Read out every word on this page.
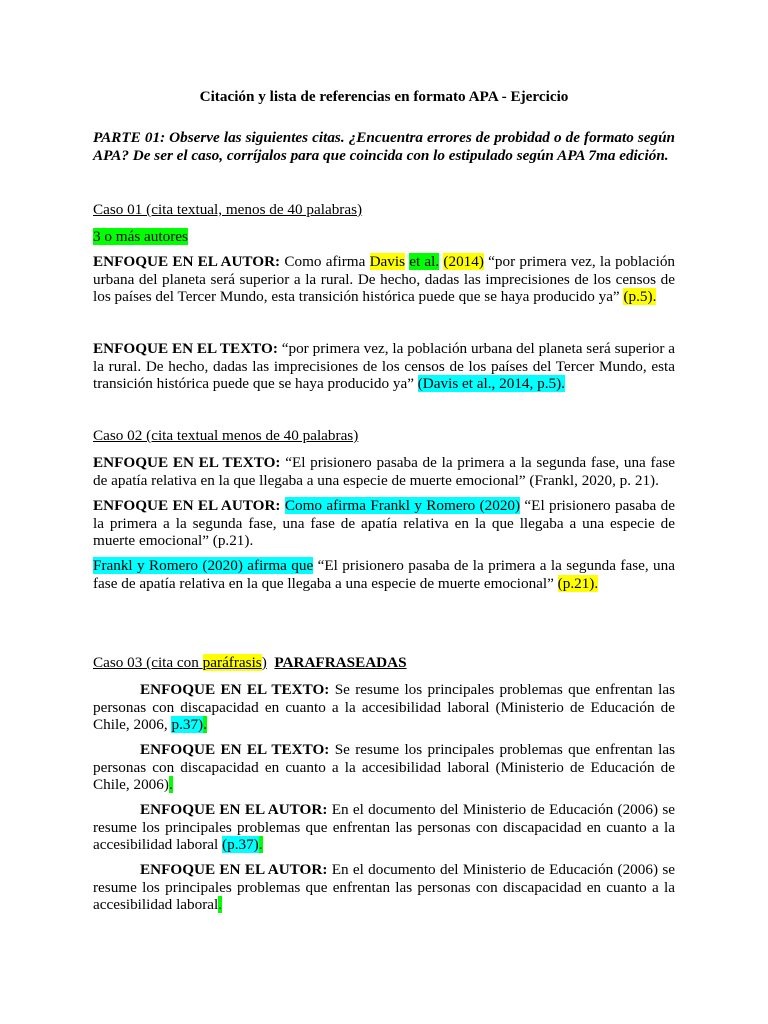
Citación y lista de referencias en formato APA - Ejercicio

PARTE 01: Observe las siguientes citas. ¿Encuentra errores de probidad o de formato según APA? De ser el caso, corríjalos para que coincida con lo estipulado según APA 7ma edición.

Caso 01 (cita textual, menos de 40 palabras)

3 o más autores

ENFOQUE EN EL AUTOR: Como afirma Davis et al. (2014) “por primera vez, la población urbana del planeta será superior a la rural. De hecho, dadas las imprecisiones de los censos de los países del Tercer Mundo, esta transición histórica puede que se haya producido ya” (p.5).

ENFOQUE EN EL TEXTO: “por primera vez, la población urbana del planeta será superior a la rural. De hecho, dadas las imprecisiones de los censos de los países del Tercer Mundo, esta transición histórica puede que se haya producido ya” (Davis et al., 2014, p.5).

Caso 02 (cita textual menos de 40 palabras)

ENFOQUE EN EL TEXTO: “El prisionero pasaba de la primera a la segunda fase, una fase de apatía relativa en la que llegaba a una especie de muerte emocional” (Frankl, 2020, p. 21).

ENFOQUE EN EL AUTOR: Como afirma Frankl y Romero (2020) “El prisionero pasaba de la primera a la segunda fase, una fase de apatía relativa en la que llegaba a una especie de muerte emocional” (p.21).

Frankl y Romero (2020) afirma que “El prisionero pasaba de la primera a la segunda fase, una fase de apatía relativa en la que llegaba a una especie de muerte emocional” (p.21).

Caso 03 (cita con paráfrasis) PARAFRASEADAS

ENFOQUE EN EL TEXTO: Se resume los principales problemas que enfrentan las personas con discapacidad en cuanto a la accesibilidad laboral (Ministerio de Educación de Chile, 2006, p.37).

ENFOQUE EN EL TEXTO: Se resume los principales problemas que enfrentan las personas con discapacidad en cuanto a la accesibilidad laboral (Ministerio de Educación de Chile, 2006).

ENFOQUE EN EL AUTOR: En el documento del Ministerio de Educación (2006) se resume los principales problemas que enfrentan las personas con discapacidad en cuanto a la accesibilidad laboral (p.37).

ENFOQUE EN EL AUTOR: En el documento del Ministerio de Educación (2006) se resume los principales problemas que enfrentan las personas con discapacidad en cuanto a la accesibilidad laboral.
